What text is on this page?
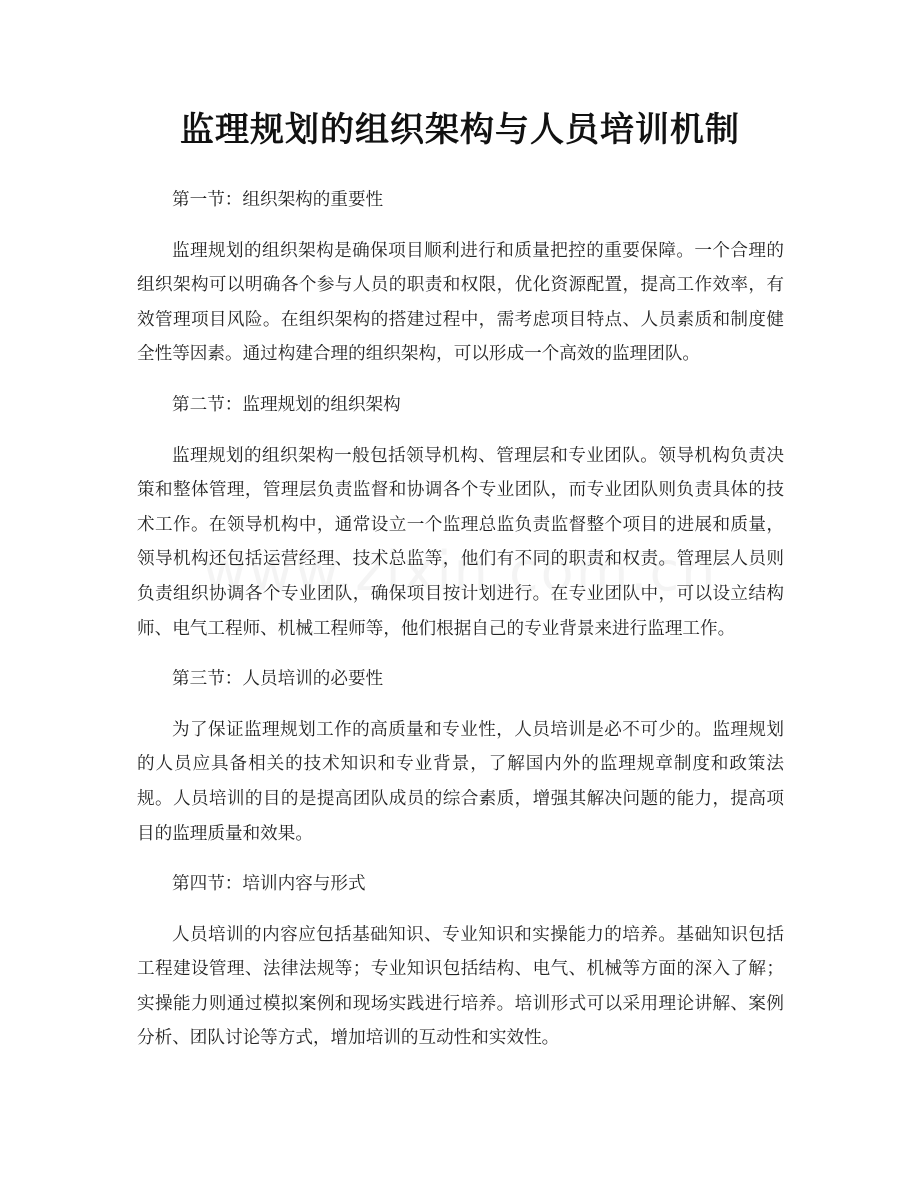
监理规划的组织架构与人员培训机制

第一节：组织架构的重要性

监理规划的组织架构是确保项目顺利进行和质量把控的重要保障。一个合理的组织架构可以明确各个参与人员的职责和权限，优化资源配置，提高工作效率，有效管理项目风险。在组织架构的搭建过程中，需考虑项目特点、人员素质和制度健全性等因素。通过构建合理的组织架构，可以形成一个高效的监理团队。

第二节：监理规划的组织架构

监理规划的组织架构一般包括领导机构、管理层和专业团队。领导机构负责决策和整体管理，管理层负责监督和协调各个专业团队，而专业团队则负责具体的技术工作。在领导机构中，通常设立一个监理总监负责监督整个项目的进展和质量，领导机构还包括运营经理、技术总监等，他们有不同的职责和权责。管理层人员则负责组织协调各个专业团队，确保项目按计划进行。在专业团队中，可以设立结构师、电气工程师、机械工程师等，他们根据自己的专业背景来进行监理工作。

第三节：人员培训的必要性

为了保证监理规划工作的高质量和专业性，人员培训是必不可少的。监理规划的人员应具备相关的技术知识和专业背景，了解国内外的监理规章制度和政策法规。人员培训的目的是提高团队成员的综合素质，增强其解决问题的能力，提高项目的监理质量和效果。

第四节：培训内容与形式

人员培训的内容应包括基础知识、专业知识和实操能力的培养。基础知识包括工程建设管理、法律法规等；专业知识包括结构、电气、机械等方面的深入了解；实操能力则通过模拟案例和现场实践进行培养。培训形式可以采用理论讲解、案例分析、团队讨论等方式，增加培训的互动性和实效性。
